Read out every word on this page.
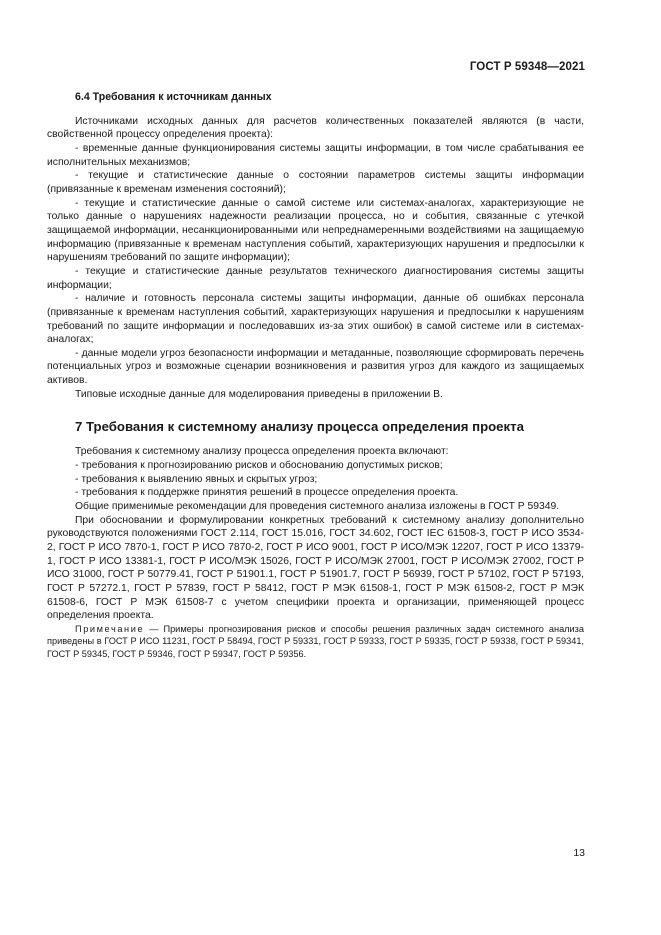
ГОСТ Р 59348—2021
6.4 Требования к источникам данных

Источниками исходных данных для расчетов количественных показателей являются (в части, свойственной процессу определения проекта):

- временные данные функционирования системы защиты информации, в том числе срабатывания ее исполнительных механизмов;

- текущие и статистические данные о состоянии параметров системы защиты информации (привязанные к временам изменения состояний);

- текущие и статистические данные о самой системе или системах-аналогах, характеризующие не только данные о нарушениях надежности реализации процесса, но и события, связанные с утечкой защищаемой информации, несанкционированными или непреднамеренными воздействиями на защищаемую информацию (привязанные к временам наступления событий, характеризующих нарушения и предпосылки к нарушениям требований по защите информации);

- текущие и статистические данные результатов технического диагностирования системы защиты информации;

- наличие и готовность персонала системы защиты информации, данные об ошибках персонала (привязанные к временам наступления событий, характеризующих нарушения и предпосылки к нарушениям требований по защите информации и последовавших из-за этих ошибок) в самой системе или в системах-аналогах;

- данные модели угроз безопасности информации и метаданные, позволяющие сформировать перечень потенциальных угроз и возможные сценарии возникновения и развития угроз для каждого из защищаемых активов.

Типовые исходные данные для моделирования приведены в приложении В.

7 Требования к системному анализу процесса определения проекта

Требования к системному анализу процесса определения проекта включают:

- требования к прогнозированию рисков и обоснованию допустимых рисков;

- требования к выявлению явных и скрытых угроз;

- требования к поддержке принятия решений в процессе определения проекта.

Общие применимые рекомендации для проведения системного анализа изложены в ГОСТ Р 59349.

При обосновании и формулировании конкретных требований к системному анализу дополнительно руководствуются положениями ГОСТ 2.114, ГОСТ 15.016, ГОСТ 34.602, ГОСТ IEC 61508-3, ГОСТ Р ИСО 3534-2, ГОСТ Р ИСО 7870-1, ГОСТ Р ИСО 7870-2, ГОСТ Р ИСО 9001, ГОСТ Р ИСО/МЭК 12207, ГОСТ Р ИСО 13379-1, ГОСТ Р ИСО 13381-1, ГОСТ Р ИСО/МЭК 15026, ГОСТ Р ИСО/МЭК 27001, ГОСТ Р ИСО/МЭК 27002, ГОСТ Р ИСО 31000, ГОСТ Р 50779.41, ГОСТ Р 51901.1, ГОСТ Р 51901.7, ГОСТ Р 56939, ГОСТ Р 57102, ГОСТ Р 57193, ГОСТ Р 57272.1, ГОСТ Р 57839, ГОСТ Р 58412, ГОСТ Р МЭК 61508-1, ГОСТ Р МЭК 61508-2, ГОСТ Р МЭК 61508-6, ГОСТ Р МЭК 61508-7 с учетом специфики проекта и организации, применяющей процесс определения проекта.

Примечание — Примеры прогнозирования рисков и способы решения различных задач системного анализа приведены в ГОСТ Р ИСО 11231, ГОСТ Р 58494, ГОСТ Р 59331, ГОСТ Р 59333, ГОСТ Р 59335, ГОСТ Р 59338, ГОСТ Р 59341, ГОСТ Р 59345, ГОСТ Р 59346, ГОСТ Р 59347, ГОСТ Р 59356.

13
